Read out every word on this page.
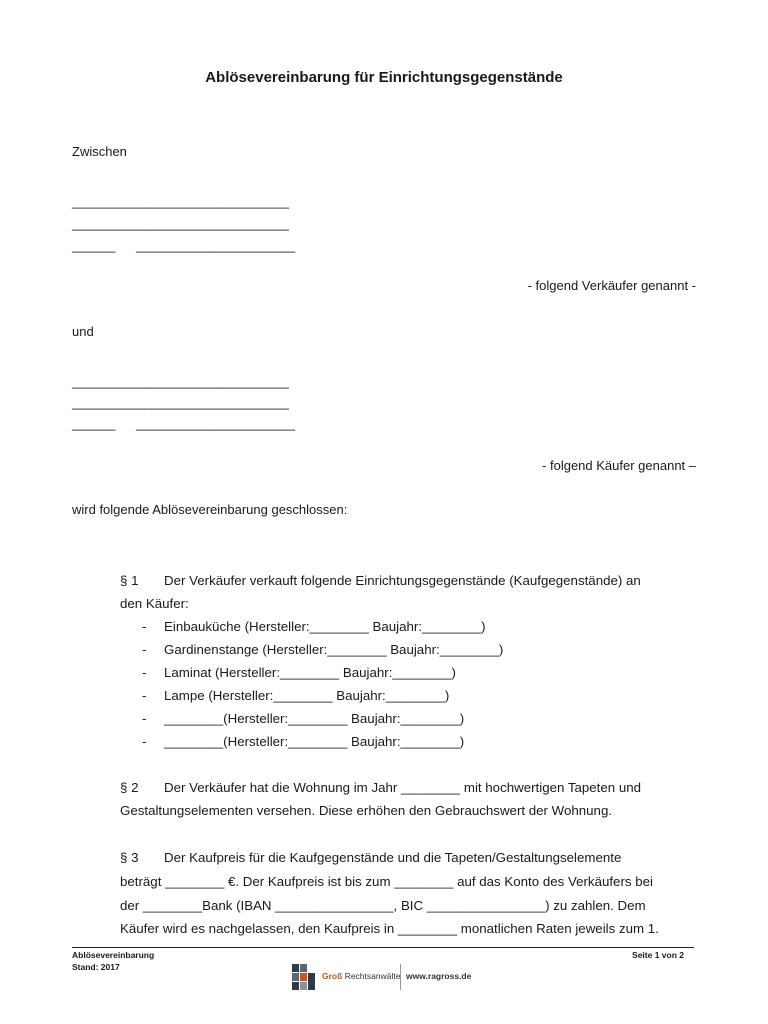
Ablösevereinbarung für Einrichtungsgegenstände
Zwischen
______________________________
______________________________
______ ______________________
- folgend Verkäufer genannt -
und
______________________________
______________________________
______ ______________________
- folgend Käufer genannt –
wird folgende Ablösevereinbarung geschlossen:
§ 1 Der Verkäufer verkauft folgende Einrichtungsgegenstände (Kaufgegenstände) an
den Käufer:
- Einbauküche (Hersteller:________ Baujahr:________)
- Gardinenstange (Hersteller:________ Baujahr:________)
- Laminat (Hersteller:________ Baujahr:________)
- Lampe (Hersteller:________ Baujahr:________)
- ________(Hersteller:________ Baujahr:________)
- ________(Hersteller:________ Baujahr:________)
§ 2 Der Verkäufer hat die Wohnung im Jahr ________ mit hochwertigen Tapeten und
Gestaltungselementen versehen. Diese erhöhen den Gebrauchswert der Wohnung.
§ 3 Der Kaufpreis für die Kaufgegenstände und die Tapeten/Gestaltungselemente
beträgt ________ €. Der Kaufpreis ist bis zum ________ auf das Konto des Verkäufers bei
der ________Bank (IBAN ________________, BIC ________________) zu zahlen. Dem
Käufer wird es nachgelassen, den Kaufpreis in ________ monatlichen Raten jeweils zum 1.
Ablösevereinbarung
Stand: 2017
Seite 1 von 2
Groß Rechtsanwälte www.ragross.de
